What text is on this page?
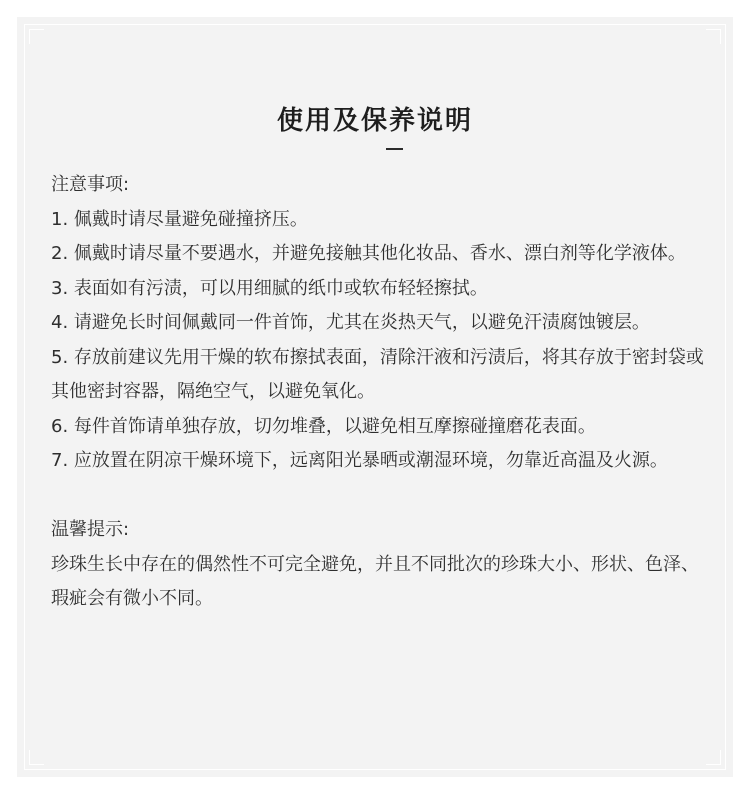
使用及保养说明

注意事项:

1. 佩戴时请尽量避免碰撞挤压。

2. 佩戴时请尽量不要遇水，并避免接触其他化妆品、香水、漂白剂等化学液体。

3. 表面如有污渍，可以用细腻的纸巾或软布轻轻擦拭。

4. 请避免长时间佩戴同一件首饰，尤其在炎热天气，以避免汗渍腐蚀镀层。

5. 存放前建议先用干燥的软布擦拭表面，清除汗液和污渍后，将其存放于密封袋或其他密封容器，隔绝空气，以避免氧化。

6. 每件首饰请单独存放，切勿堆叠，以避免相互摩擦碰撞磨花表面。

7. 应放置在阴凉干燥环境下，远离阳光暴晒或潮湿环境，勿靠近高温及火源。

温馨提示:

珍珠生长中存在的偶然性不可完全避免，并且不同批次的珍珠大小、形状、色泽、瑕疵会有微小不同。
